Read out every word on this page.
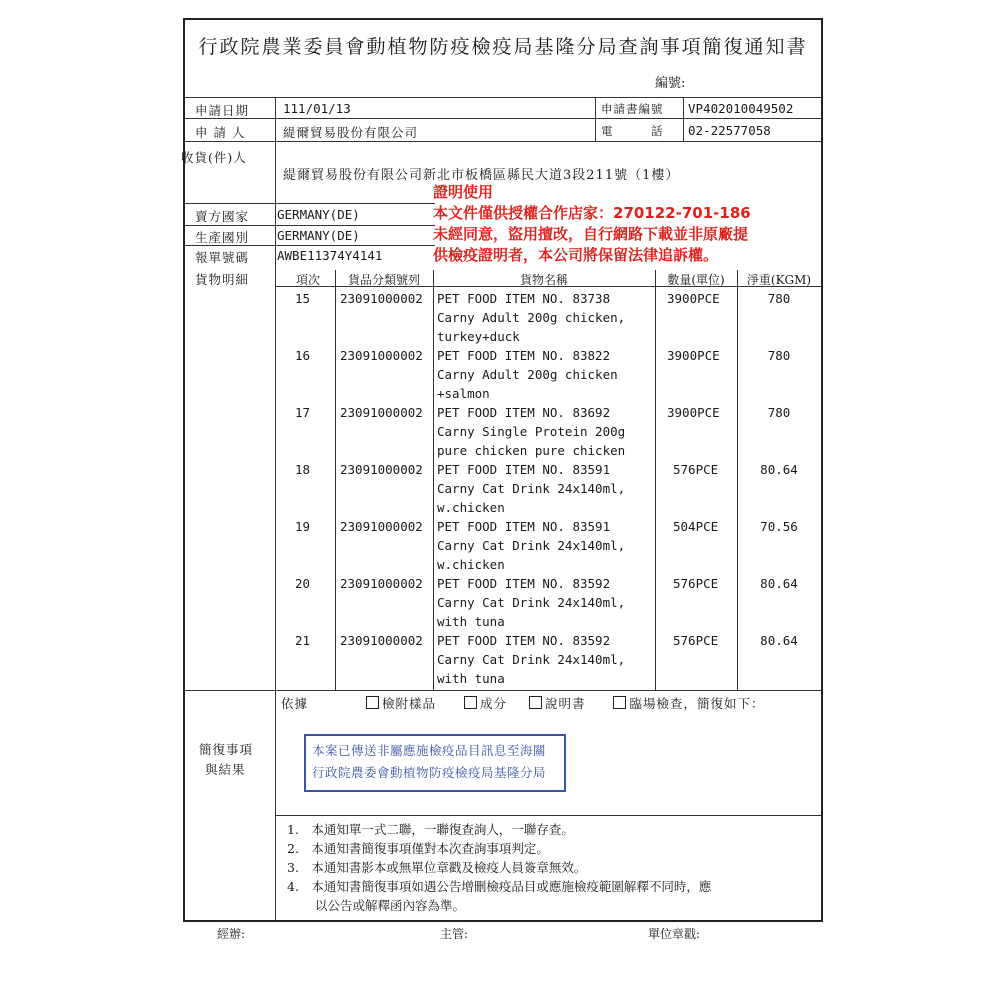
行政院農業委員會動植物防疫檢疫局基隆分局查詢事項簡復通知書
編號:
申請日期	111/01/13	申請書編號 VP402010049502
申 請 人	緹爾貿易股份有限公司	電　　　話 02-22577058
收貨(件)人
緹爾貿易股份有限公司新北市板橋區縣民大道3段211號（1樓）
賣方國家 GERMANY(DE)
生產國別 GERMANY(DE)
報單號碼 AWBE11374Y4141
貨物明細	項次	貨品分類號列	貨物名稱	數量(單位)	淨重(KGM)
15 23091000002 PET FOOD ITEM NO. 83738
Carny Adult 200g chicken,
turkey+duck
3900PCE	780
16 23091000002 PET FOOD ITEM NO. 83822
Carny Adult 200g chicken
+salmon
3900PCE	780
17 23091000002 PET FOOD ITEM NO. 83692
Carny Single Protein 200g
pure chicken pure chicken
3900PCE	780
18 23091000002 PET FOOD ITEM NO. 83591
Carny Cat Drink 24x140ml,
w.chicken
576PCE	80.64
19 23091000002 PET FOOD ITEM NO. 83591
Carny Cat Drink 24x140ml,
w.chicken
504PCE	70.56
20 23091000002 PET FOOD ITEM NO. 83592
Carny Cat Drink 24x140ml,
with tuna
576PCE	80.64
21 23091000002 PET FOOD ITEM NO. 83592
Carny Cat Drink 24x140ml,
with tuna
576PCE	80.64
證明使用
本文件僅供授權合作店家：270122-701-186
未經同意，盜用擅改，自行網路下載並非原廠提
供檢疫證明者，本公司將保留法律追訴權。
簡復事項
與結果
依據	檢附樣品	成分	說明書	臨場檢查，簡復如下：
本案已傳送非屬應施檢疫品目訊息至海關
行政院農委會動植物防疫檢疫局基隆分局
1.　本通知單一式二聯，一聯復查詢人，一聯存查。
2.　本通知書簡復事項僅對本次查詢事項判定。
3.　本通知書影本或無單位章戳及檢疫人員簽章無效。
4.　本通知書簡復事項如遇公告增刪檢疫品目或應施檢疫範圍解釋不同時，應
以公告或解釋函內容為準。
經辦:	主管:	單位章戳:
